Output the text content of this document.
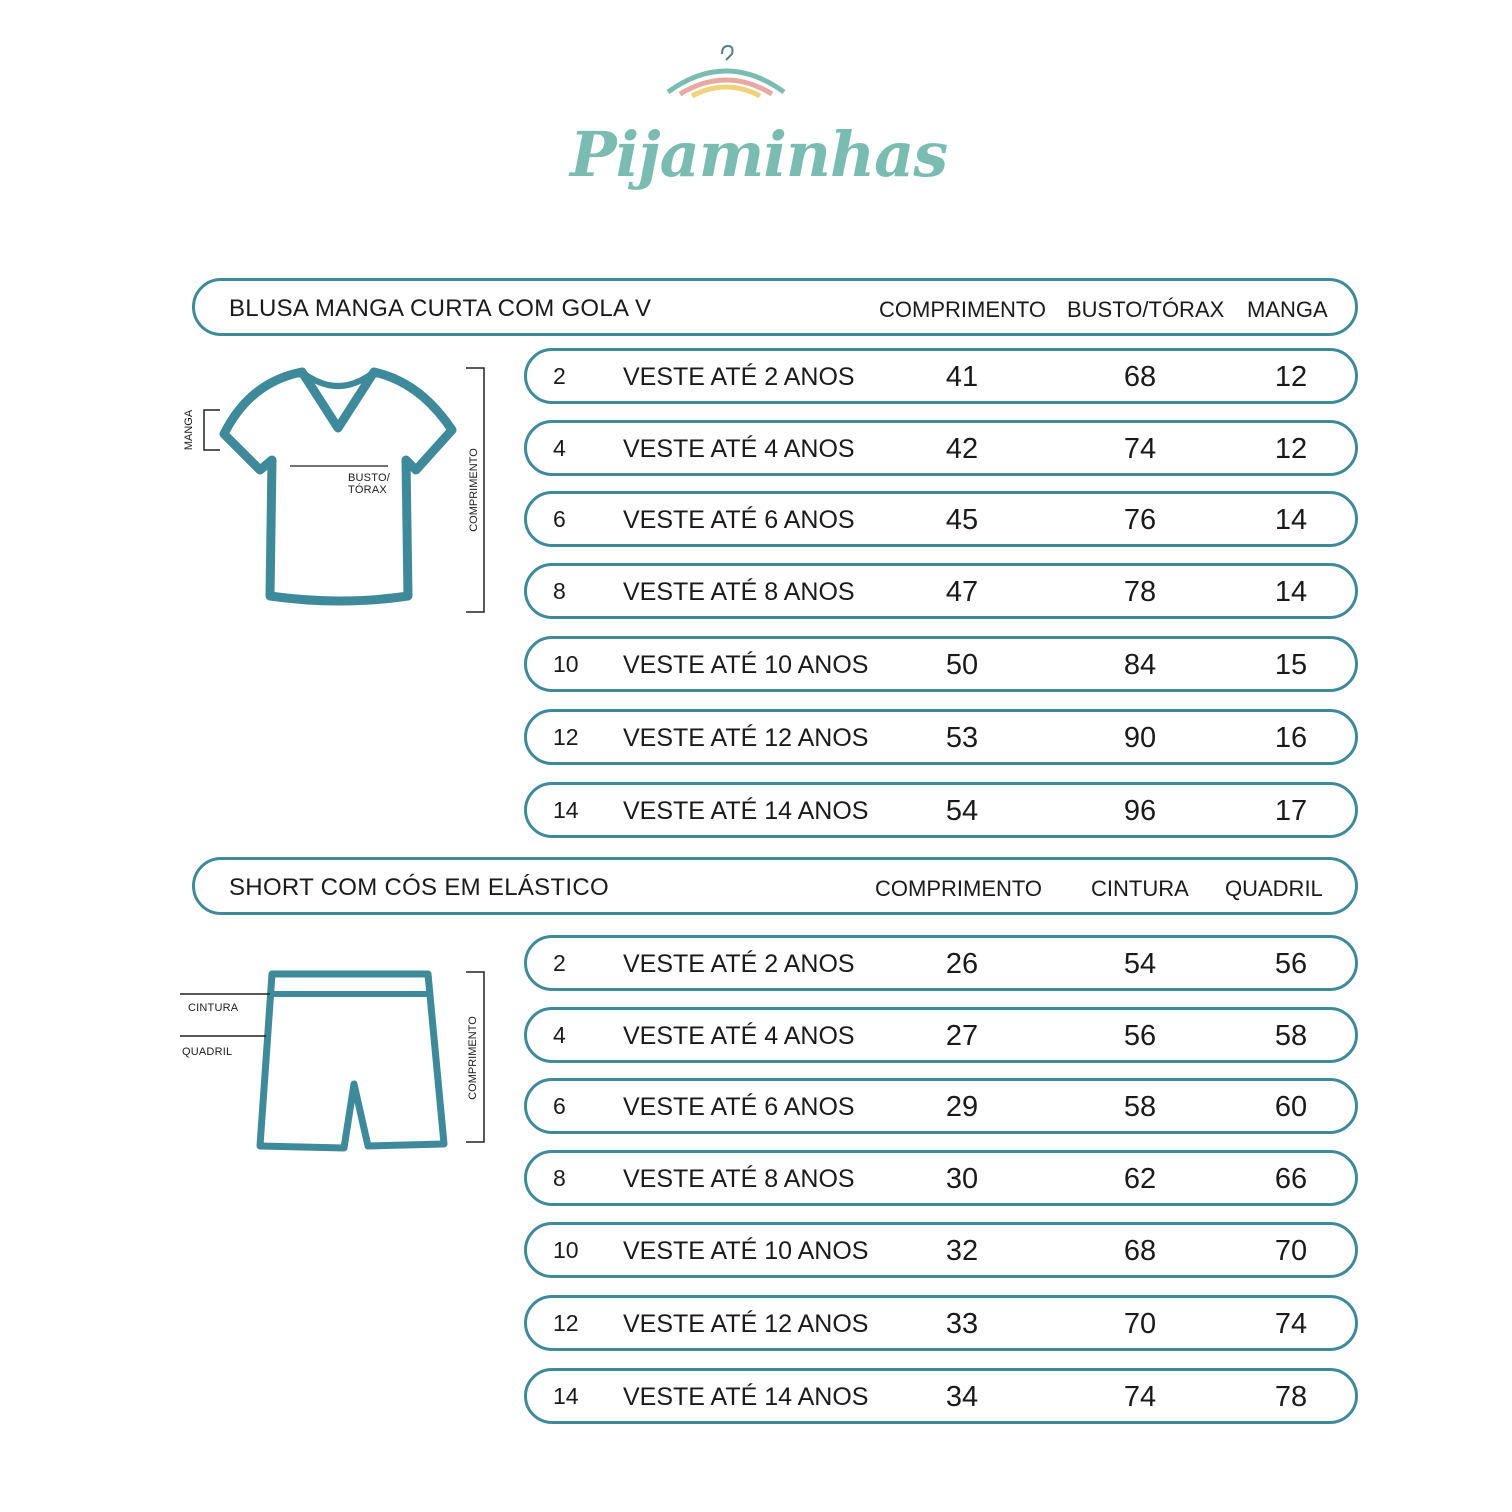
Pijaminhas
BLUSA MANGA CURTA COM GOLA V	COMPRIMENTO BUSTO/TÓRAX MANGA
MANGA
BUSTO/
TÓRAX	COMPRIMENTO
2 VESTE ATÉ 2 ANOS	41	68	12
4 VESTE ATÉ 4 ANOS	42	74	12
6 VESTE ATÉ 6 ANOS	45	76	14
8 VESTE ATÉ 8 ANOS	47	78	14
10 VESTE ATÉ 10 ANOS	50	84	15
12 VESTE ATÉ 12 ANOS	53	90	16
14 VESTE ATÉ 14 ANOS	54	96	17
SHORT COM CÓS EM ELÁSTICO	COMPRIMENTO CINTURA QUADRIL
CINTURA
QUADRIL	COMPRIMENTO
2 VESTE ATÉ 2 ANOS	26	54	56
4 VESTE ATÉ 4 ANOS	27	56	58
6 VESTE ATÉ 6 ANOS	29	58	60
8 VESTE ATÉ 8 ANOS	30	62	66
10 VESTE ATÉ 10 ANOS	32	68	70
12 VESTE ATÉ 12 ANOS	33	70	74
14 VESTE ATÉ 14 ANOS	34	74	78
